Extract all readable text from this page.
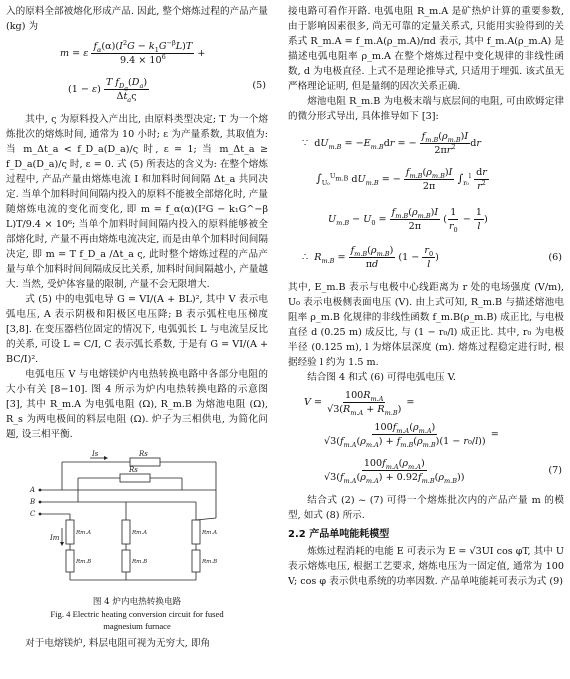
入的原料全部被熔化形成产品. 因此, 整个熔炼过程的产品产量 (kg) 为

m = ε $\frac{f_\alpha(\alpha)(I^2G - k_1G^{-\beta}L)T}{9.4 \times 10^6}$ +
$(1 - \varepsilon) \frac{T f_{D_a}(D_a)}{\Delta t_a\varsigma}$	(5)

其中, ς 为原料投入产出比, 由原料类型决定; T 为一个熔炼批次的熔炼时间, 通常为 10 小时; ε 为产量系数, 其取值为: 当 m_Δt_a < f_D_a(D_a)/ς 时, ε = 1; 当 m_Δt_a ≥ f_D_a(D_a)/ς 时, ε = 0. 式 (5) 所表达的含义为: 在整个熔炼过程中, 产品产量由熔炼电流 I 和加料时间间隔 Δt_a 共同决定. 当单个加料时间间隔内投入的原料不能被全部熔化时, 产量随熔炼电流的变化而变化, 即 m = f_α(α)(I²G − k₁G^−β L)T/9.4 × 10⁶; 当单个加料时间间隔内投入的原料能够被全部熔化时, 产量不再由熔炼电流决定, 而是由单个加料时间间隔决定, 即 m = T f_D_a /Δt_a ς, 此时整个熔炼过程的产品产量与单个加料时间间隔成反比关系, 加料时间间隔越小, 产量越大. 当然, 受炉体容量的限制, 产量不会无限增大.

式 (5) 中的电弧电导 G = VI/(A + BL)², 其中 V 表示电弧电压, A 表示阴极和阳极区电压降; B 表示弧柱电压梯度 [3,8]. 在变压器档位固定的情况下, 电弧弧长 L 与电流呈反比的关系, 可设 L = C/I, C 表示弧长系数, 于是有 G = VI/(A + BC/I)².

电弧电压 V 与电熔镁炉内电热转换电路中各部分电阻的大小有关 [8−10]. 图 4 所示为炉内电热转换电路的示意图 [3], 其中 R_m.A 为电弧电阻 (Ω), R_m.B 为熔池电阻 (Ω), R_s 为两电极间的料层电阻 (Ω). 炉子为三相供电, 为简化问题, 设三相平衡.

Is	Rs
Rs
A
B
C
Im
Rm.A
Rm.B
Rm.A
Rm.B
Rm.A
Rm.B

图 4 炉内电热转换电路

Fig. 4 Electric heating conversion circuit for fused

magnesium furnace

对于电熔镁炉, 料层电阻可视为无穷大, 即角

接电路可看作开路. 电弧电阻 R_m.A 是矿热炉计算的重要参数, 由于影响因素很多, 尚无可靠的定量关系式, 只能用实验得到的关系式 R_m.A = f_m.A(ρ_m.A)/πd 表示, 其中 f_m.A(ρ_m.A) 是描述电弧电阻率 ρ_m.A 在整个熔炼过程中变化规律的非线性函数, d 为电极直径. 上式不是理论推导式, 只适用于埋弧. 该式虽无严格理论证明, 但是量纲的因次关系正确.

熔池电阻 R_m.B 为电极末端与底层间的电阻, 可由欧姆定律的微分形式导出, 具体推导如下 [3]:

∵  $dU_{m.B} = -E_{m.B}dr$ = − $\frac{f_{m.B}(\rho_{m.B})I}{2\pi r^2}$ dr
$\int_{U_0}^{U_{m.B}}$ $dU_{m.B}$ = − $\frac{f_{m.B}(\rho_{m.B})I}{2\pi} \int_{r_0}^l \frac{dr}{r^2}$
$U_{m.B} - U_0 = \frac{f_{m.B}(\rho_{m.B})I}{2\pi}$ ( $\frac{1}{r_0} - \frac{1}{l}$ )
∴  $R_{m.B} = \frac{f_{m.B}(\rho_{m.B})}{\pi d} (1 - \frac{r_0}{l}$ )	(6)

其中, E_m.B 表示与电极中心线距离为 r 处的电场强度 (V/m), U₀ 表示电极侧表面电压 (V). 由上式可知, R_m.B 与描述熔池电阻率 ρ_m.B 化规律的非线性函数 f_m.B(ρ_m.B) 成正比, 与电极直径 d (0.25 m) 成反比, 与 (1 − r₀/l) 成正比. 其中, r₀ 为电极半径 (0.125 m), l 为熔体层深度 (m). 熔炼过程稳定进行时, 根据经验 l 约为 1.5 m.

结合图 4 和式 (6) 可得电弧电压 V.

$V = \frac{100R_{m.A}}{√3(R_{m.A} + R_{m.B})}$ =
$\frac{100f_{m.A}(\rho_{m.A})}{√3(f_{m.A}(\rho_{m.A}) + f_{m.B}(\rho_{m.B})(1 - r_0/l))}$ =
$\frac{100f_{m.A}(\rho_{m.A})}{√3(f_{m.A}(\rho_{m.A}) + 0.92f_{m.B}(\rho_{m.B}))}$	(7)

结合式 (2) ~ (7) 可得一个熔炼批次内的产品产量 m 的模型, 如式 (8) 所示.

2.2 产品单吨能耗模型

炼炼过程消耗的电能 E 可表示为 E = √3UI cos φT, 其中 U 表示熔炼电压, 根据工艺要求, 熔炼电压为一固定值, 通常为 100 V; cos φ 表示供电系统的功率因数. 产品单吨能耗可表示为式 (9)
